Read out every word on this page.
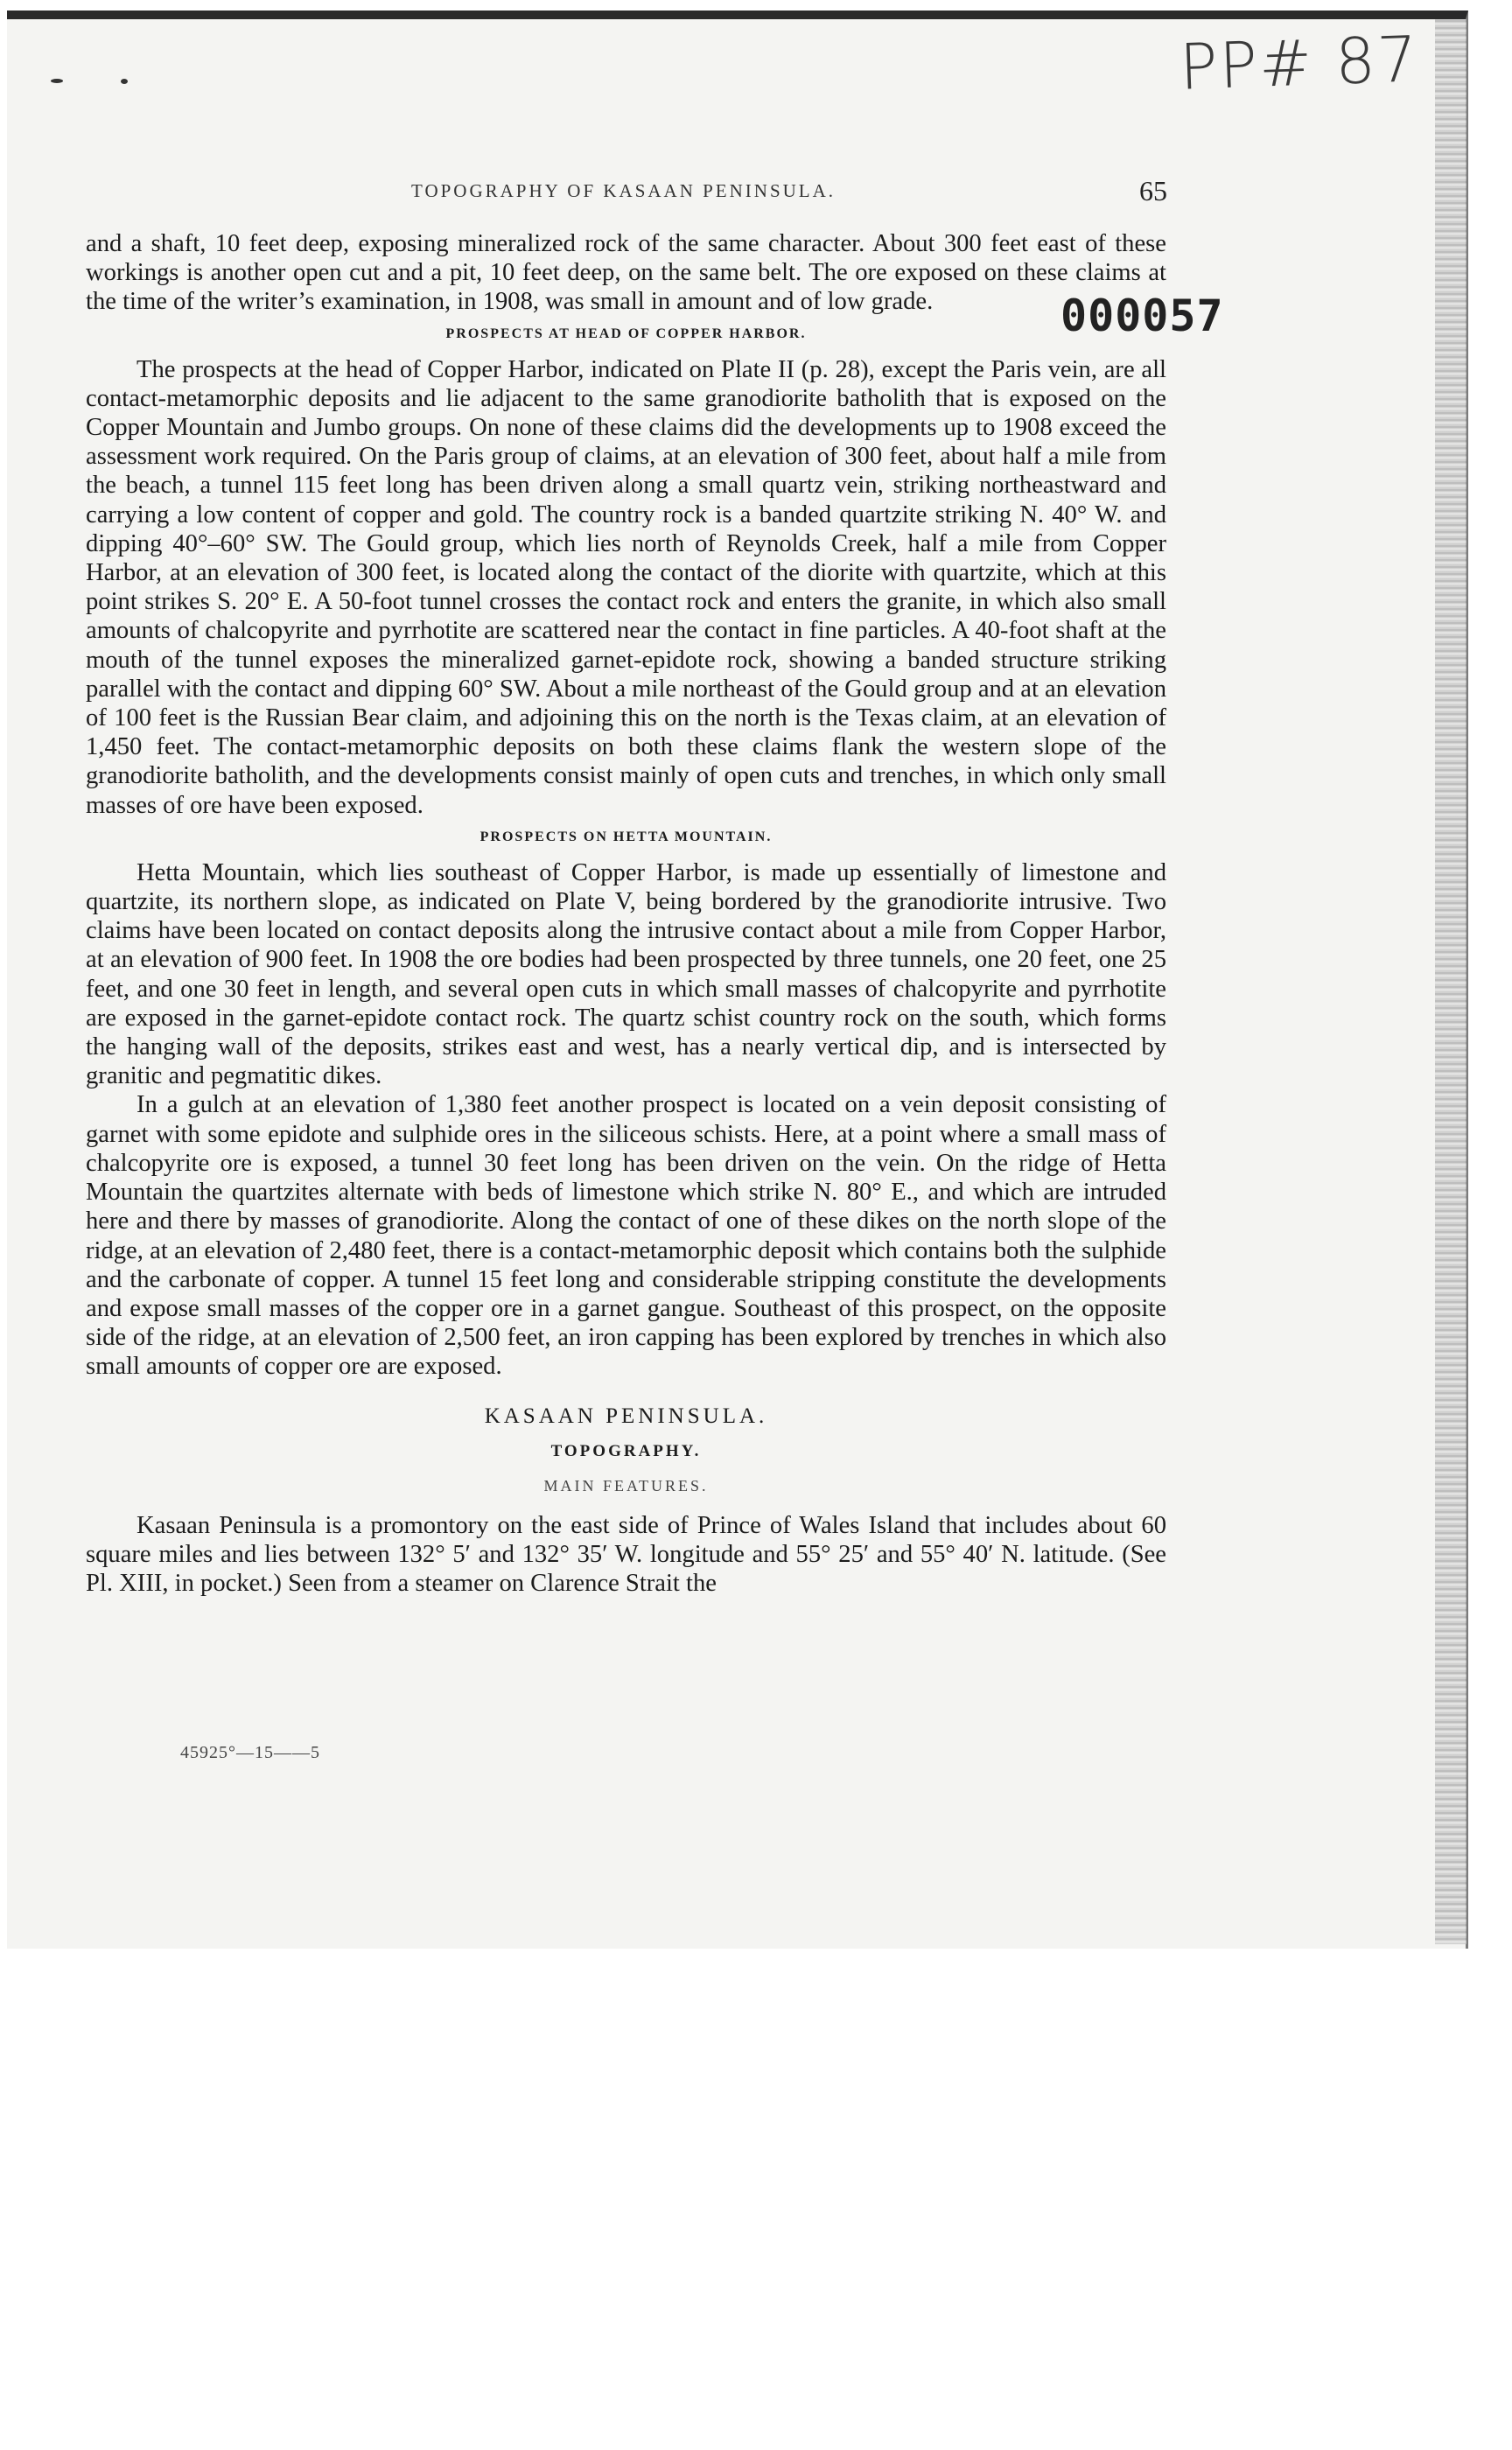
PP# 87
000057
TOPOGRAPHY OF KASAAN PENINSULA.	65

and a shaft, 10 feet deep, exposing mineralized rock of the same character. About 300 feet east of these workings is another open cut and a pit, 10 feet deep, on the same belt. The ore exposed on these claims at the time of the writer’s examination, in 1908, was small in amount and of low grade.

PROSPECTS AT HEAD OF COPPER HARBOR.

The prospects at the head of Copper Harbor, indicated on Plate II (p. 28), except the Paris vein, are all contact-metamorphic deposits and lie adjacent to the same granodiorite batholith that is exposed on the Copper Mountain and Jumbo groups. On none of these claims did the developments up to 1908 exceed the assessment work required. On the Paris group of claims, at an elevation of 300 feet, about half a mile from the beach, a tunnel 115 feet long has been driven along a small quartz vein, striking northeastward and carrying a low content of copper and gold. The country rock is a banded quartzite striking N. 40° W. and dipping 40°–60° SW. The Gould group, which lies north of Reynolds Creek, half a mile from Copper Harbor, at an elevation of 300 feet, is located along the contact of the diorite with quartzite, which at this point strikes S. 20° E. A 50-foot tunnel crosses the contact rock and enters the granite, in which also small amounts of chalcopyrite and pyrrhotite are scattered near the contact in fine particles. A 40-foot shaft at the mouth of the tunnel exposes the mineralized garnet-epidote rock, showing a banded structure striking parallel with the contact and dipping 60° SW. About a mile northeast of the Gould group and at an elevation of 100 feet is the Russian Bear claim, and adjoining this on the north is the Texas claim, at an elevation of 1,450 feet. The contact-metamorphic deposits on both these claims flank the western slope of the granodiorite batholith, and the developments consist mainly of open cuts and trenches, in which only small masses of ore have been exposed.

PROSPECTS ON HETTA MOUNTAIN.

Hetta Mountain, which lies southeast of Copper Harbor, is made up essentially of limestone and quartzite, its northern slope, as indicated on Plate V, being bordered by the granodiorite intrusive. Two claims have been located on contact deposits along the intrusive contact about a mile from Copper Harbor, at an elevation of 900 feet. In 1908 the ore bodies had been prospected by three tunnels, one 20 feet, one 25 feet, and one 30 feet in length, and several open cuts in which small masses of chalcopyrite and pyrrhotite are exposed in the garnet-epidote contact rock. The quartz schist country rock on the south, which forms the hanging wall of the deposits, strikes east and west, has a nearly vertical dip, and is intersected by granitic and pegmatitic dikes.

In a gulch at an elevation of 1,380 feet another prospect is located on a vein deposit consisting of garnet with some epidote and sulphide ores in the siliceous schists. Here, at a point where a small mass of chalcopyrite ore is exposed, a tunnel 30 feet long has been driven on the vein. On the ridge of Hetta Mountain the quartzites alternate with beds of limestone which strike N. 80° E., and which are intruded here and there by masses of granodiorite. Along the contact of one of these dikes on the north slope of the ridge, at an elevation of 2,480 feet, there is a contact-metamorphic deposit which contains both the sulphide and the carbonate of copper. A tunnel 15 feet long and considerable stripping constitute the developments and expose small masses of the copper ore in a garnet gangue. Southeast of this prospect, on the opposite side of the ridge, at an elevation of 2,500 feet, an iron capping has been explored by trenches in which also small amounts of copper ore are exposed.

KASAAN PENINSULA.
TOPOGRAPHY.
MAIN FEATURES.

Kasaan Peninsula is a promontory on the east side of Prince of Wales Island that includes about 60 square miles and lies between 132° 5′ and 132° 35′ W. longitude and 55° 25′ and 55° 40′ N. latitude. (See Pl. XIII, in pocket.) Seen from a steamer on Clarence Strait the

45925°—15——5
